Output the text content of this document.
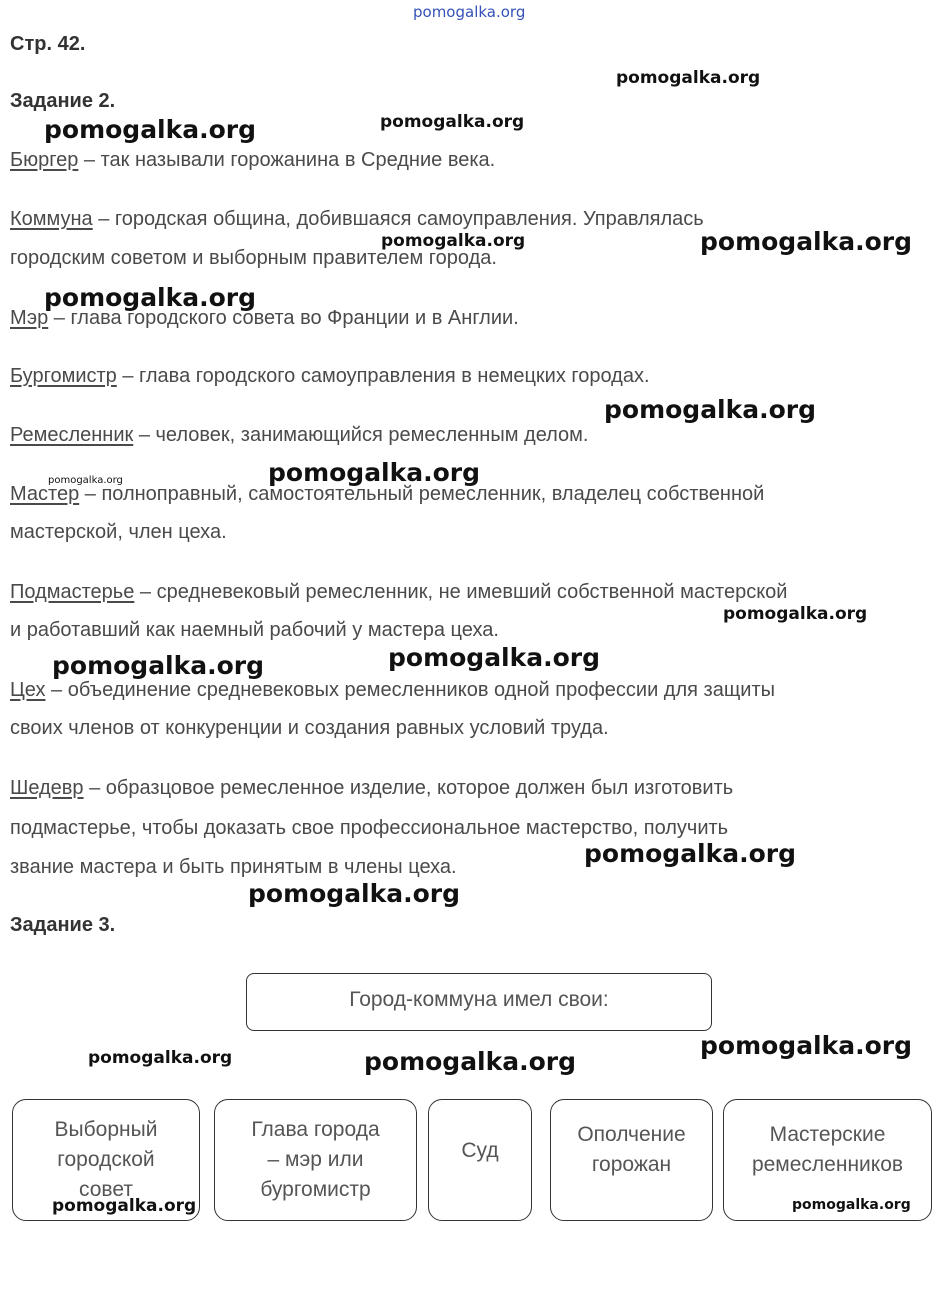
Стр. 42.
Задание 2.
Бюргер – так называли горожанина в Средние века.
Коммуна – городская община, добившаяся самоуправления. Управлялась
городским советом и выборным правителем города.
Мэр – глава городского совета во Франции и в Англии.
Бургомистр – глава городского самоуправления в немецких городах.
Ремесленник – человек, занимающийся ремесленным делом.
Мастер – полноправный, самостоятельный ремесленник, владелец собственной
мастерской, член цеха.
Подмастерье – средневековый ремесленник, не имевший собственной мастерской
и работавший как наемный рабочий у мастера цеха.
Цех – объединение средневековых ремесленников одной профессии для защиты
своих членов от конкуренции и создания равных условий труда.
Шедевр – образцовое ремесленное изделие, которое должен был изготовить
подмастерье, чтобы доказать свое профессиональное мастерство, получить
звание мастера и быть принятым в члены цеха.
Задание 3.
Город-коммуна имел свои:
Выборный
городской
совет
Глава города
– мэр или
бургомистр
Суд
Ополчение
горожан
Мастерские
ремесленников
pomogalka.org
pomogalka.org
pomogalka.org	pomogalka.org
pomogalka.org	pomogalka.org
pomogalka.org
pomogalka.org
pomogalka.org
pomogalka.org
pomogalka.org
pomogalka.org
pomogalka.org
pomogalka.org
pomogalka.org
pomogalka.org
pomogalka.org	pomogalka.org
pomogalka.org	pomogalka.org
